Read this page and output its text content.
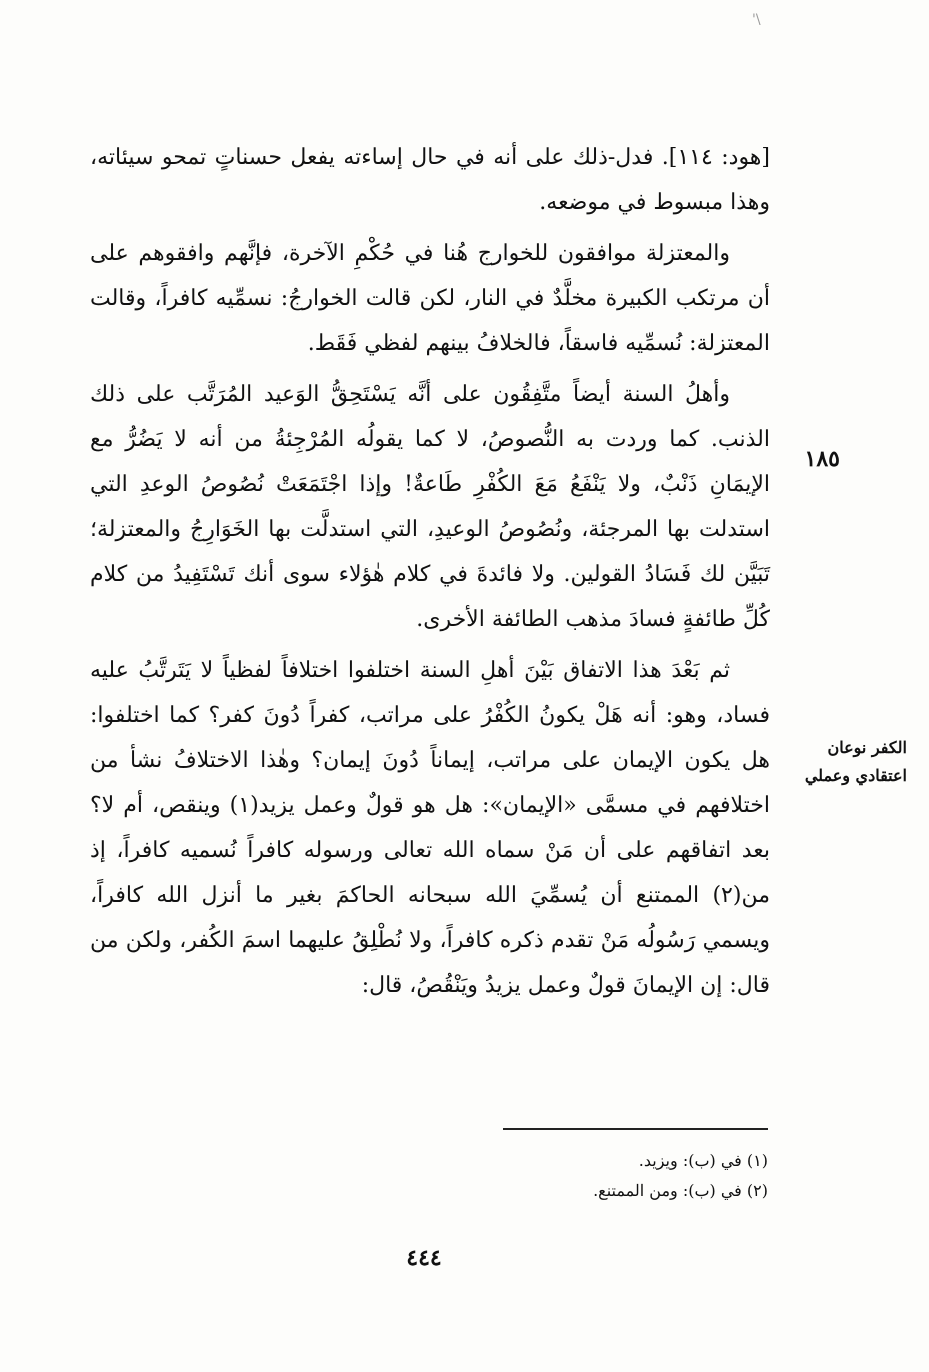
'\

[هود: ١١٤]. فدل-ذلك على أنه في حال إساءته يفعل حسناتٍ تمحو سيئاته، وهذا مبسوط في موضعه.

والمعتزلة موافقون للخوارج هُنا في حُكْمِ الآخرة، فإنَّهم وافقوهم على أن مرتكب الكبيرة مخلَّدٌ في النار، لكن قالت الخوارجُ: نسمِّيه كافراً، وقالت المعتزلة: نُسمِّيه فاسقاً، فالخلافُ بينهم لفظي فَقَط.

وأهلُ السنة أيضاً متَّفِقُون على أنَّه يَسْتَحِقُّ الوَعيد المُرَتَّب على ذلك الذنب. كما وردت به النُّصوصُ، لا كما يقولُه المُرْجِئةُ من أنه لا يَضُرُّ مع الإيمَانِ ذَنْبٌ، ولا يَنْفَعُ مَعَ الكُفْرِ طَاعةٌ! وإذا اجْتَمَعَتْ نُصُوصُ الوعدِ التي استدلت بها المرجئة، ونُصُوصُ الوعيدِ، التي استدلَّت بها الخَوَارِجُ والمعتزلة؛ تَبَيَّن لك فَسَادُ القولين. ولا فائدةَ في كلام هٰؤلاء سوى أنك تَسْتَفِيدُ من كلام كُلِّ طائفةٍ فسادَ مذهب الطائفة الأخرى.

ثم بَعْدَ هذا الاتفاق بَيْنَ أهلِ السنة اختلفوا اختلافاً لفظياً لا يَتَرتَّبُ عليه فساد، وهو: أنه هَلْ يكونُ الكُفْرُ على مراتب، كفراً دُونَ كفر؟ كما اختلفوا: هل يكون الإيمان على مراتب، إيماناً دُونَ إيمان؟ وهٰذا الاختلافُ نشأ من اختلافهم في مسمَّى «الإيمان»: هل هو قولٌ وعمل يزيد(١) وينقص، أم لا؟ بعد اتفاقهم على أن مَنْ سماه الله تعالى ورسوله كافراً نُسميه كافراً، إذ من(٢) الممتنع أن يُسمِّيَ الله سبحانه الحاكمَ بغير ما أنزل الله كافراً، ويسمي رَسُولُه مَنْ تقدم ذكره كافراً، ولا نُطْلِقُ عليهما اسمَ الكُفر، ولكن من قال: إن الإيمانَ قولٌ وعمل يزيدُ ويَنْقُصُ، قال:

١٨٥
الكفر نوعان اعتقادي وعملي

(١) في (ب): ويزيد.

(٢) في (ب): ومن الممتنع.

٤٤٤
